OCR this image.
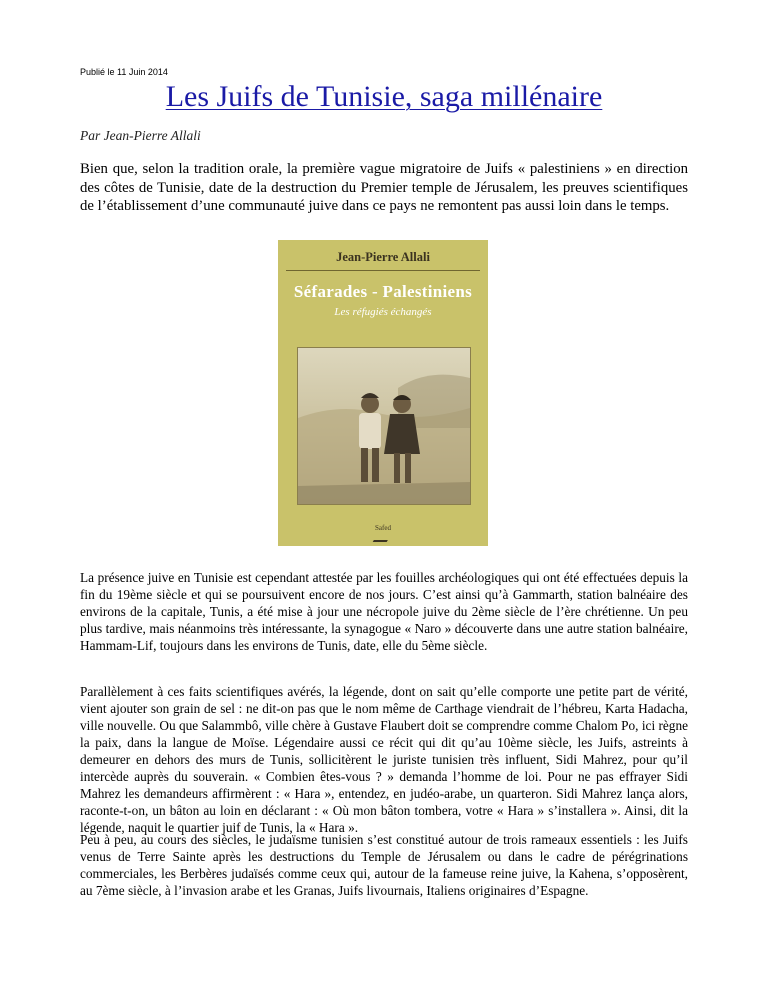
Publié le 11 Juin 2014
Les Juifs de Tunisie, saga millénaire
Par Jean-Pierre Allali

Bien que, selon la tradition orale, la première vague migratoire de Juifs « palestiniens » en direction des côtes de Tunisie, date de la destruction du Premier temple de Jérusalem, les preuves scientifiques de l’établissement d’une communauté juive dans ce pays ne remontent pas aussi loin dans le temps.

Jean-Pierre Allali
Séfarades - Palestiniens
Les réfugiés échangés
Safed

La présence juive en Tunisie est cependant attestée par les fouilles archéologiques qui ont été effectuées depuis la fin du 19ème siècle et qui se poursuivent encore de nos jours. C’est ainsi qu’à Gammarth, station balnéaire des environs de la capitale, Tunis, a été mise à jour une nécropole juive du 2ème siècle de l’ère chrétienne. Un peu plus tardive, mais néanmoins très intéressante, la synagogue « Naro » découverte dans une autre station balnéaire, Hammam-Lif, toujours dans les environs de Tunis, date, elle du 5ème siècle.

Parallèlement à ces faits scientifiques avérés, la légende, dont on sait qu’elle comporte une petite part de vérité, vient ajouter son grain de sel : ne dit-on pas que le nom même de Carthage viendrait de l’hébreu, Karta Hadacha, ville nouvelle. Ou que Salammbô, ville chère à Gustave Flaubert doit se comprendre comme Chalom Po, ici règne la paix, dans la langue de Moïse. Légendaire aussi ce récit qui dit qu’au 10ème siècle, les Juifs, astreints à demeurer en dehors des murs de Tunis, sollicitèrent le juriste tunisien très influent, Sidi Mahrez, pour qu’il intercède auprès du souverain. « Combien êtes-vous ? » demanda l’homme de loi. Pour ne pas effrayer Sidi Mahrez les demandeurs affirmèrent : « Hara », entendez, en judéo-arabe, un quarteron. Sidi Mahrez lança alors, raconte-t-on, un bâton au loin en déclarant : « Où mon bâton tombera, votre « Hara » s’installera ». Ainsi, dit la légende, naquit le quartier juif de Tunis, la « Hara ».

Peu à peu, au cours des siècles, le judaïsme tunisien s’est constitué autour de trois rameaux essentiels : les Juifs venus de Terre Sainte après les destructions du Temple de Jérusalem ou dans le cadre de pérégrinations commerciales, les Berbères judaïsés comme ceux qui, autour de la fameuse reine juive, la Kahena, s’opposèrent, au 7ème siècle, à l’invasion arabe et les Granas, Juifs livournais, Italiens originaires d’Espagne.
